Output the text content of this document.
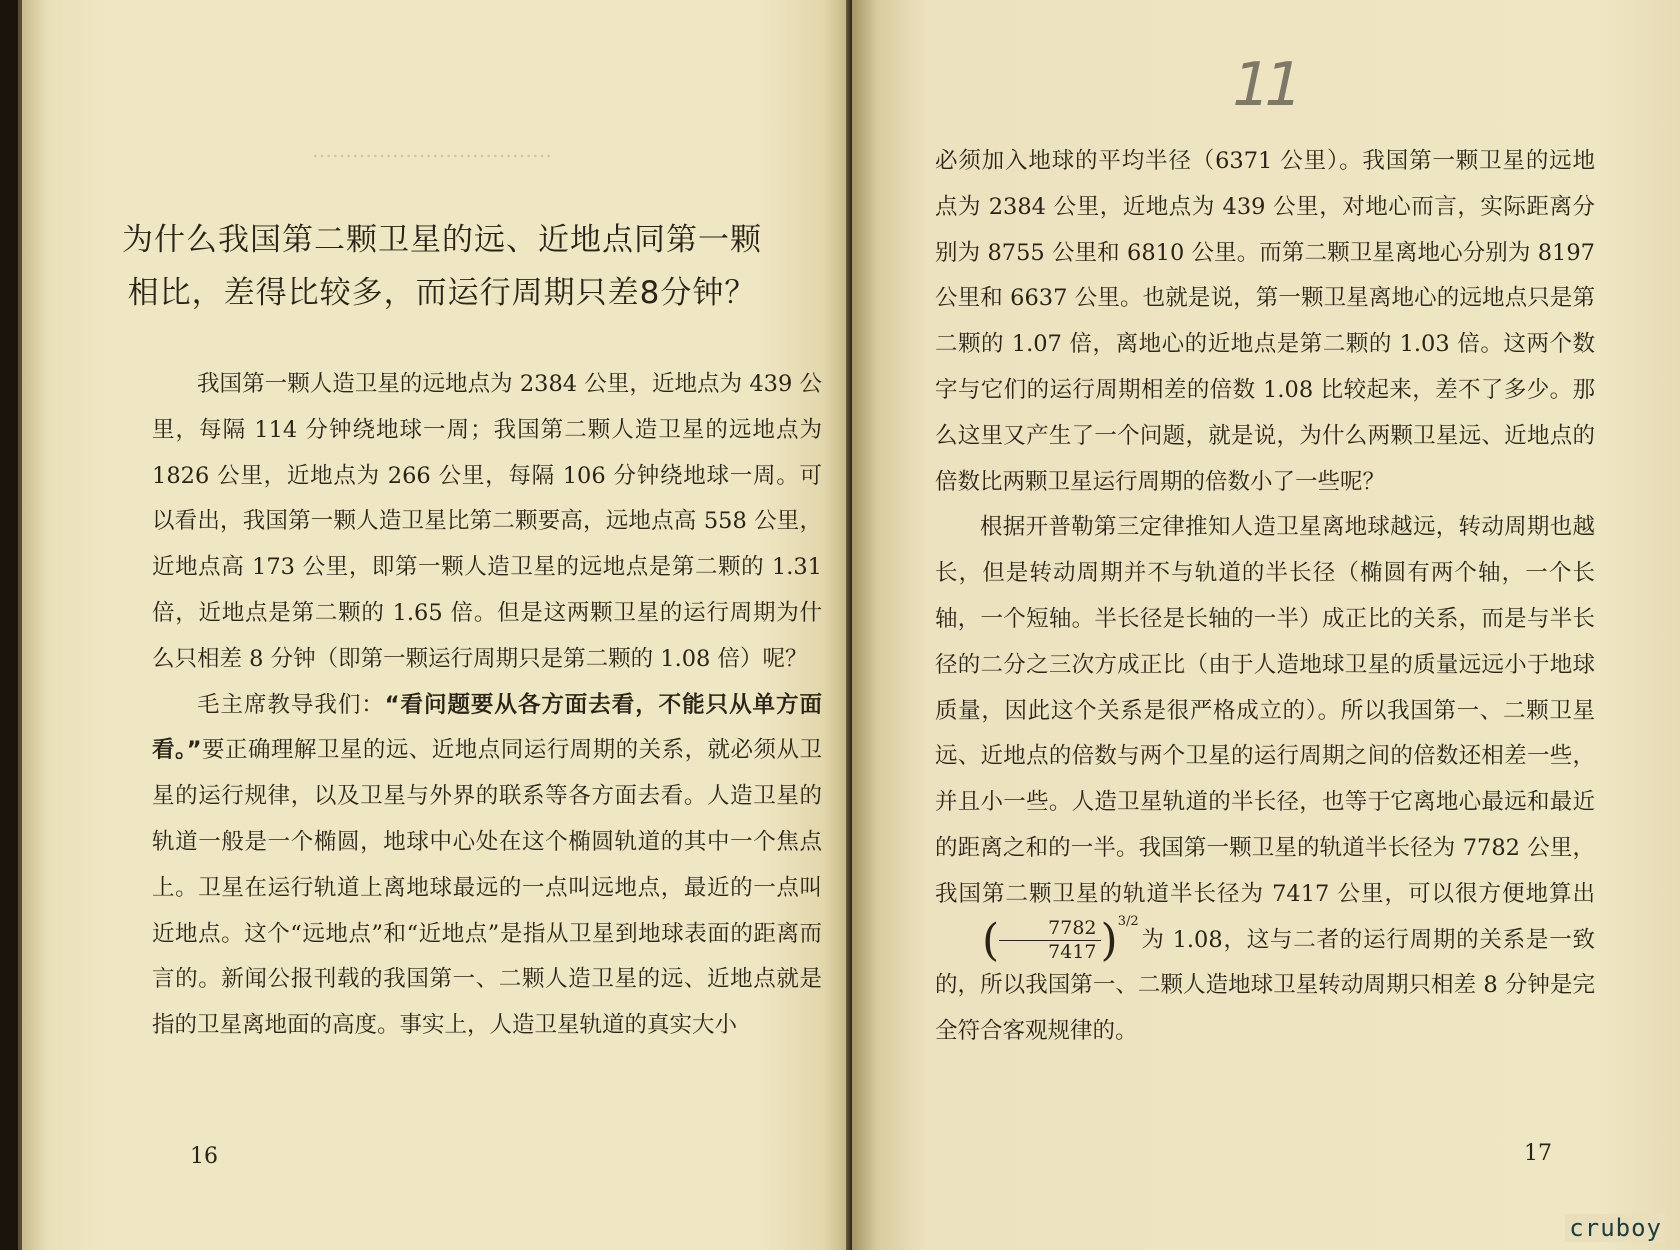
………………………………
为什么我国第二颗卫星的远、近地点同第一颗
相比，差得比较多，而运行周期只差8分钟？

我国第一颗人造卫星的远地点为 2384 公里，近地点为 439 公里，每隔 114 分钟绕地球一周；我国第二颗人造卫星的远地点为 1826 公里，近地点为 266 公里，每隔 106 分钟绕地球一周。可以看出，我国第一颗人造卫星比第二颗要高，远地点高 558 公里，近地点高 173 公里，即第一颗人造卫星的远地点是第二颗的 1.31 倍，近地点是第二颗的 1.65 倍。但是这两颗卫星的运行周期为什么只相差 8 分钟（即第一颗运行周期只是第二颗的 1.08 倍）呢？

毛主席教导我们：“看问题要从各方面去看，不能只从单方面看。”要正确理解卫星的远、近地点同运行周期的关系，就必须从卫星的运行规律，以及卫星与外界的联系等各方面去看。人造卫星的轨道一般是一个椭圆，地球中心处在这个椭圆轨道的其中一个焦点上。卫星在运行轨道上离地球最远的一点叫远地点，最近的一点叫近地点。这个“远地点”和“近地点”是指从卫星到地球表面的距离而言的。新闻公报刊载的我国第一、二颗人造卫星的远、近地点就是指的卫星离地面的高度。事实上，人造卫星轨道的真实大小

16
11

必须加入地球的平均半径（6371 公里）。我国第一颗卫星的远地点为 2384 公里，近地点为 439 公里，对地心而言，实际距离分别为 8755 公里和 6810 公里。而第二颗卫星离地心分别为 8197 公里和 6637 公里。也就是说，第一颗卫星离地心的远地点只是第二颗的 1.07 倍，离地心的近地点是第二颗的 1.03 倍。这两个数字与它们的运行周期相差的倍数 1.08 比较起来，差不了多少。那么这里又产生了一个问题，就是说，为什么两颗卫星远、近地点的倍数比两颗卫星运行周期的倍数小了一些呢？

根据开普勒第三定律推知人造卫星离地球越远，转动周期也越长，但是转动周期并不与轨道的半长径（椭圆有两个轴，一个长轴，一个短轴。半长径是长轴的一半）成正比的关系，而是与半长径的二分之三次方成正比（由于人造地球卫星的质量远远小于地球质量，因此这个关系是很严格成立的）。所以我国第一、二颗卫星远、近地点的倍数与两个卫星的运行周期之间的倍数还相差一些，并且小一些。人造卫星轨道的半长径，也等于它离地心最远和最近的距离之和的一半。我国第一颗卫星的轨道半长径为 7782 公里，我国第二颗卫星的轨道半长径为 7417 公里，可以很方便地算出( $\frac{7782}{7417} )^{3/2}$为 1.08，这与二者的运行周期的关系是一致的，所以我国第一、二颗人造地球卫星转动周期只相差 8 分钟是完全符合客观规律的。

17
cruboy
